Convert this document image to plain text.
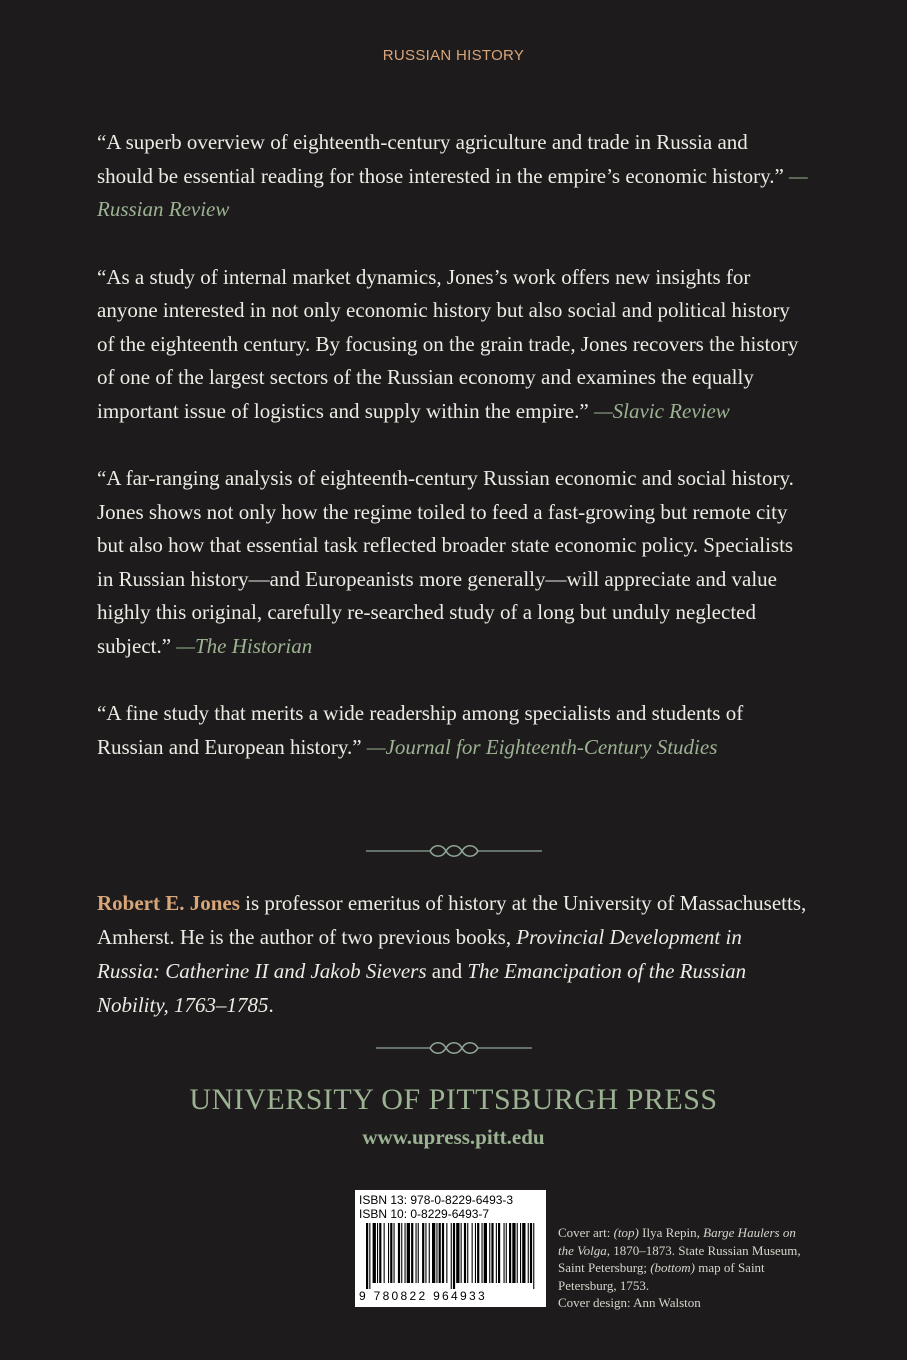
RUSSIAN HISTORY

“A superb overview of eighteenth-century agriculture and trade in Russia and should be essential reading for those interested in the empire’s economic history.” —Russian Review

“As a study of internal market dynamics, Jones’s work offers new insights for anyone interested in not only economic history but also social and political history of the eighteenth century. By focusing on the grain trade, Jones recovers the history of one of the largest sectors of the Russian economy and examines the equally important issue of logistics and supply within the empire.” —Slavic Review

“A far-ranging analysis of eighteenth-century Russian economic and social history. Jones shows not only how the regime toiled to feed a fast-growing but remote city but also how that essential task reflected broader state economic policy. Specialists in Russian history—and Europeanists more generally—will appreciate and value highly this original, carefully re-searched study of a long but unduly neglected subject.” —The Historian

“A fine study that merits a wide readership among specialists and students of Russian and European history.” —Journal for Eighteenth-Century Studies

Robert E. Jones is professor emeritus of history at the University of Massachusetts, Amherst. He is the author of two previous books, Provincial Development in Russia: Catherine II and Jakob Sievers and The Emancipation of the Russian Nobility, 1763–1785.

UNIVERSITY OF PITTSBURGH PRESS
www.upress.pitt.edu
ISBN 13: 978-0-8229-6493-3
ISBN 10: 0-8229-6493-7
9 780822 964933
Cover art: (top) Ilya Repin, Barge Haulers on the Volga, 1870–1873. State Russian Museum, Saint Petersburg; (bottom) map of Saint Petersburg, 1753.
Cover design: Ann Walston
